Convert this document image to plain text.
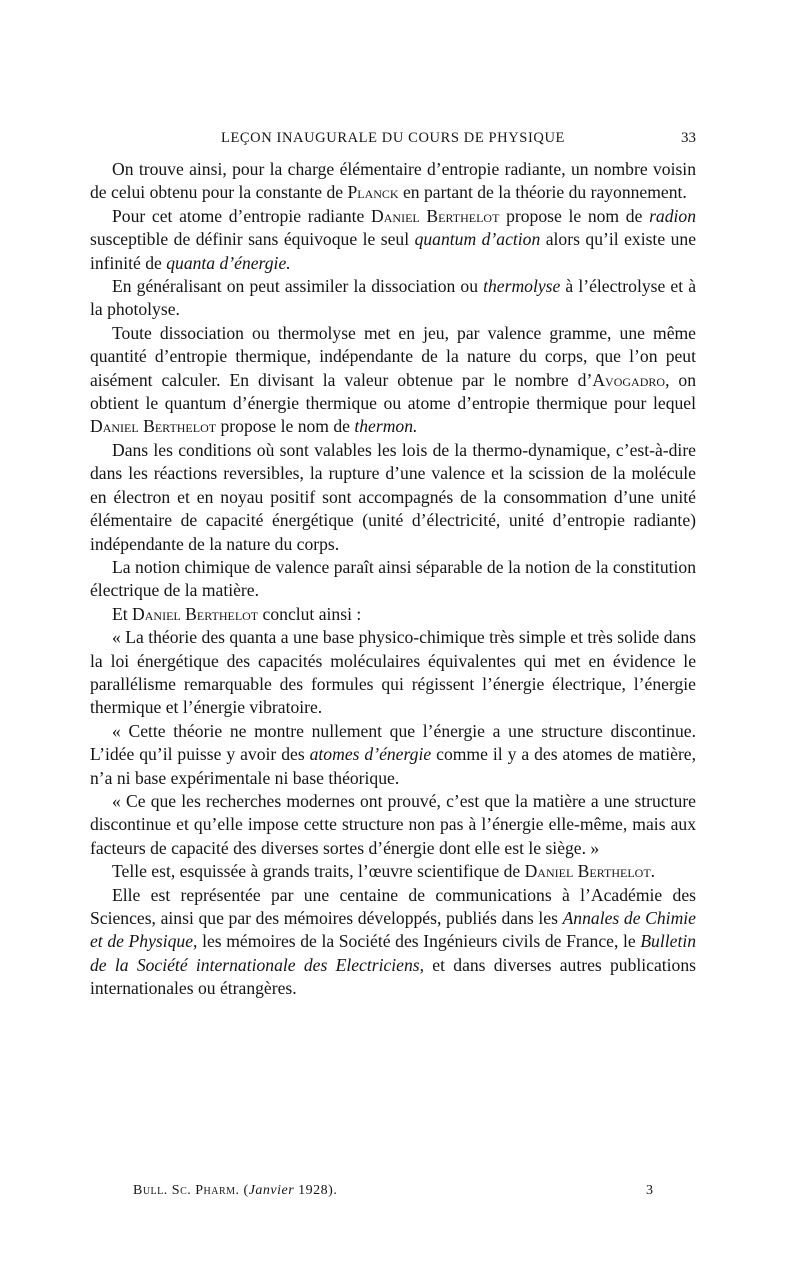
LEÇON INAUGURALE DU COURS DE PHYSIQUE	33

On trouve ainsi, pour la charge élémentaire d’entropie radiante, un nombre voisin de celui obtenu pour la constante de Planck en partant de la théorie du rayonnement.

Pour cet atome d’entropie radiante Daniel Berthelot propose le nom de radion susceptible de définir sans équivoque le seul quantum d’action alors qu’il existe une infinité de quanta d’énergie.

En généralisant on peut assimiler la dissociation ou thermolyse à l’électrolyse et à la photolyse.

Toute dissociation ou thermolyse met en jeu, par valence gramme, une même quantité d’entropie thermique, indépendante de la nature du corps, que l’on peut aisément calculer. En divisant la valeur obtenue par le nombre d’Avogadro, on obtient le quantum d’énergie thermique ou atome d’entropie thermique pour lequel Daniel Berthelot propose le nom de thermon.

Dans les conditions où sont valables les lois de la thermo-dynamique, c’est-à-dire dans les réactions reversibles, la rupture d’une valence et la scission de la molécule en électron et en noyau positif sont accompagnés de la consommation d’une unité élémentaire de capacité énergétique (unité d’électricité, unité d’entropie radiante) indépendante de la nature du corps.

La notion chimique de valence paraît ainsi séparable de la notion de la constitution électrique de la matière.

Et Daniel Berthelot conclut ainsi :

« La théorie des quanta a une base physico-chimique très simple et très solide dans la loi énergétique des capacités moléculaires équivalentes qui met en évidence le parallélisme remarquable des formules qui régissent l’énergie électrique, l’énergie thermique et l’énergie vibratoire.

« Cette théorie ne montre nullement que l’énergie a une structure discontinue. L’idée qu’il puisse y avoir des atomes d’énergie comme il y a des atomes de matière, n’a ni base expérimentale ni base théorique.

« Ce que les recherches modernes ont prouvé, c’est que la matière a une structure discontinue et qu’elle impose cette structure non pas à l’énergie elle-même, mais aux facteurs de capacité des diverses sortes d’énergie dont elle est le siège. »

Telle est, esquissée à grands traits, l’œuvre scientifique de Daniel Berthelot.

Elle est représentée par une centaine de communications à l’Académie des Sciences, ainsi que par des mémoires développés, publiés dans les Annales de Chimie et de Physique, les mémoires de la Société des Ingénieurs civils de France, le Bulletin de la Société internationale des Electriciens, et dans diverses autres publications internationales ou étrangères.

Bull. Sc. Pharm. (Janvier 1928).	3
